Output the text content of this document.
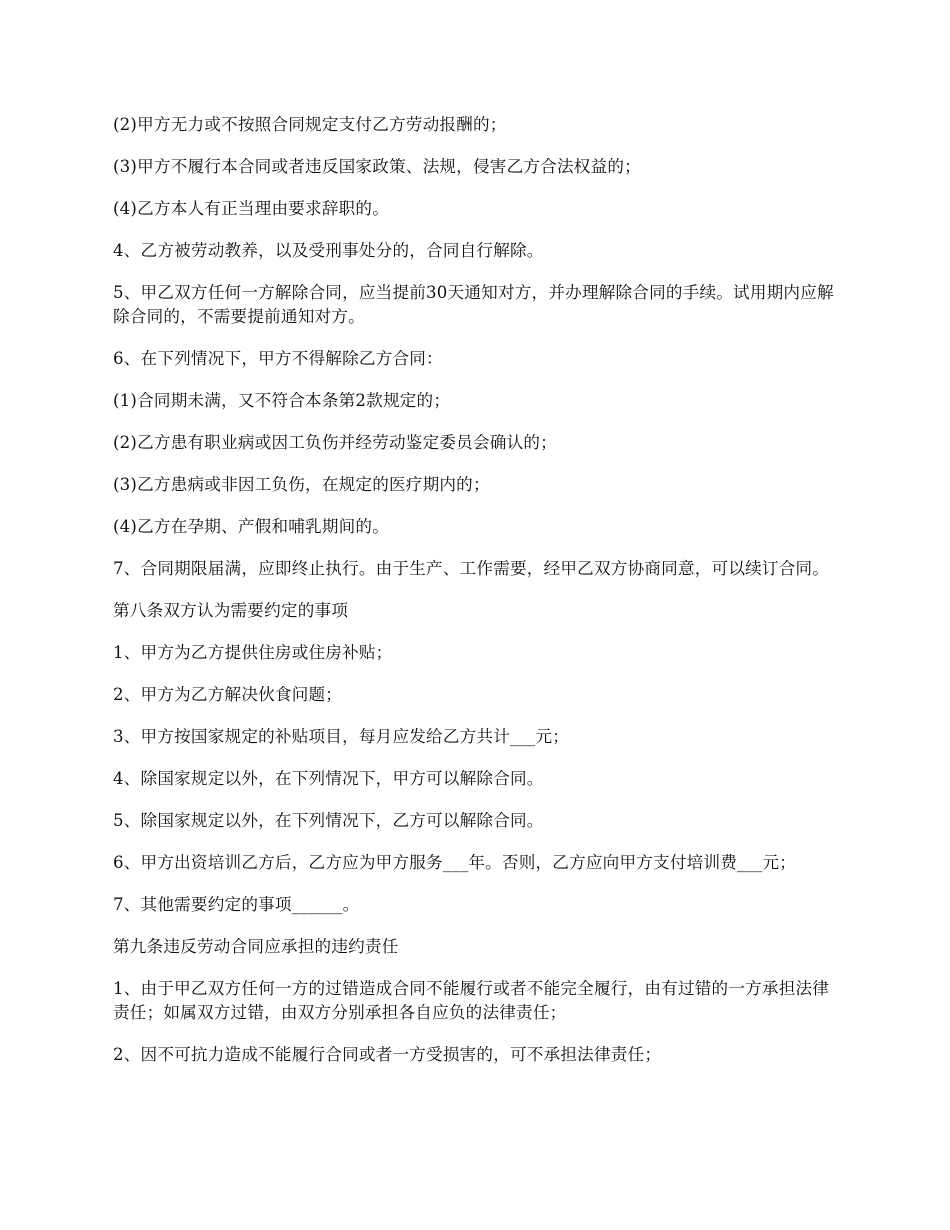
(2)甲方无力或不按照合同规定支付乙方劳动报酬的；

(3)甲方不履行本合同或者违反国家政策、法规，侵害乙方合法权益的；

(4)乙方本人有正当理由要求辞职的。

4、乙方被劳动教养，以及受刑事处分的，合同自行解除。

5、甲乙双方任何一方解除合同，应当提前30天通知对方，并办理解除合同的手续。试用期内应解除合同的，不需要提前通知对方。

6、在下列情况下，甲方不得解除乙方合同：

(1)合同期未满，又不符合本条第2款规定的；

(2)乙方患有职业病或因工负伤并经劳动鉴定委员会确认的；

(3)乙方患病或非因工负伤，在规定的医疗期内的；

(4)乙方在孕期、产假和哺乳期间的。

7、合同期限届满，应即终止执行。由于生产、工作需要，经甲乙双方协商同意，可以续订合同。

第八条双方认为需要约定的事项

1、甲方为乙方提供住房或住房补贴；

2、甲方为乙方解决伙食问题；

3、甲方按国家规定的补贴项目，每月应发给乙方共计___元；

4、除国家规定以外，在下列情况下，甲方可以解除合同。

5、除国家规定以外，在下列情况下，乙方可以解除合同。

6、甲方出资培训乙方后，乙方应为甲方服务___年。否则，乙方应向甲方支付培训费___元；

7、其他需要约定的事项______。

第九条违反劳动合同应承担的违约责任

1、由于甲乙双方任何一方的过错造成合同不能履行或者不能完全履行，由有过错的一方承担法律责任；如属双方过错，由双方分别承担各自应负的法律责任；

2、因不可抗力造成不能履行合同或者一方受损害的，可不承担法律责任；
